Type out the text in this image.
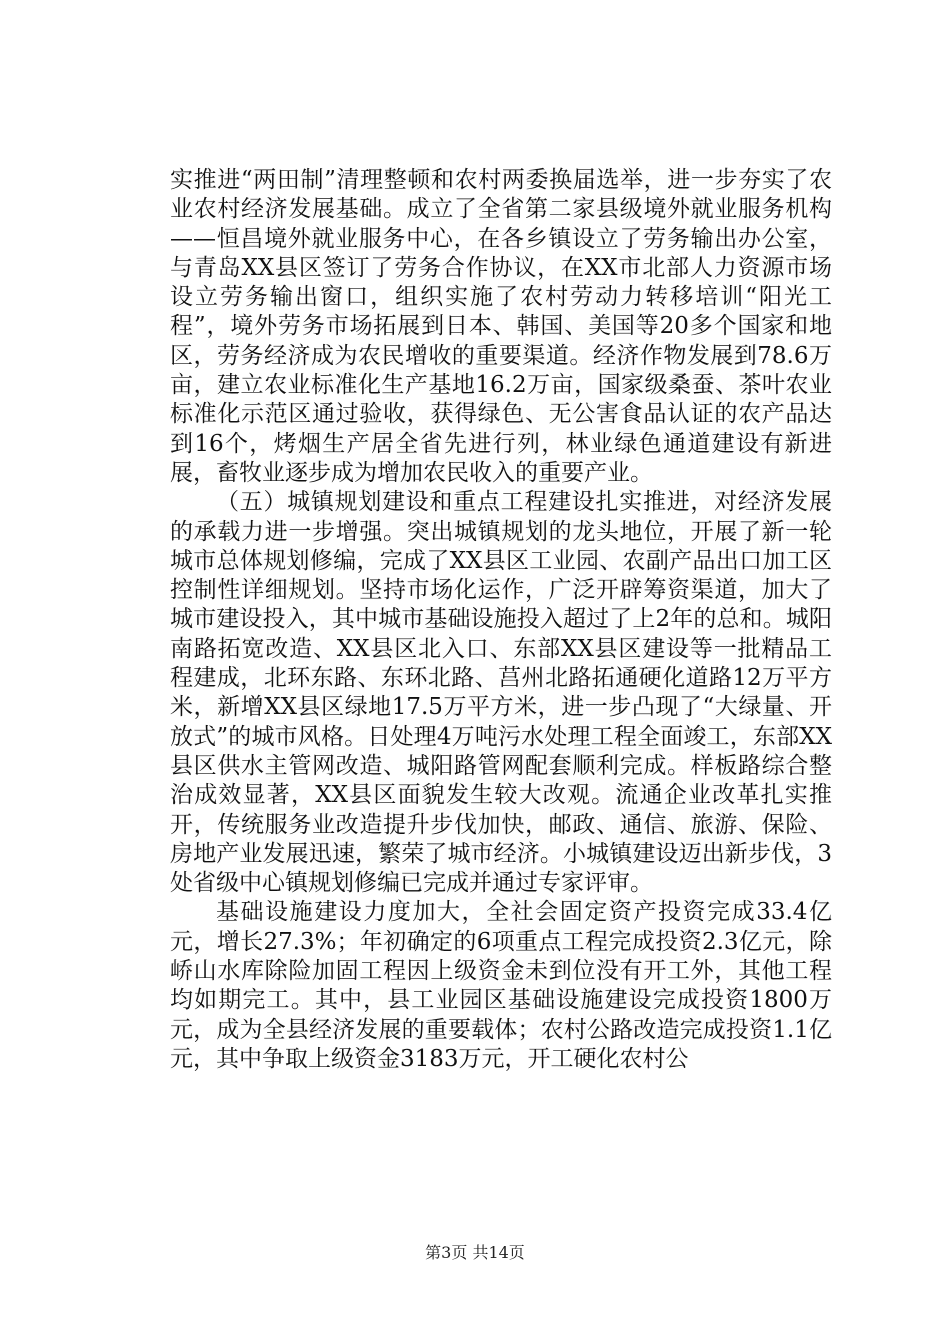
实推进“两田制”清理整顿和农村两委换届选举，进一步夯实了农业农村经济发展基础。成立了全省第二家县级境外就业服务机构——恒昌境外就业服务中心，在各乡镇设立了劳务输出办公室，与青岛XX县区签订了劳务合作协议，在XX市北部人力资源市场设立劳务输出窗口，组织实施了农村劳动力转移培训“阳光工程”，境外劳务市场拓展到日本、韩国、美国等20多个国家和地区，劳务经济成为农民增收的重要渠道。经济作物发展到78.6万亩，建立农业标准化生产基地16.2万亩，国家级桑蚕、茶叶农业标准化示范区通过验收，获得绿色、无公害食品认证的农产品达到16个，烤烟生产居全省先进行列，林业绿色通道建设有新进展，畜牧业逐步成为增加农民收入的重要产业。

（五）城镇规划建设和重点工程建设扎实推进，对经济发展的承载力进一步增强。突出城镇规划的龙头地位，开展了新一轮城市总体规划修编，完成了XX县区工业园、农副产品出口加工区控制性详细规划。坚持市场化运作，广泛开辟筹资渠道，加大了城市建设投入，其中城市基础设施投入超过了上2年的总和。城阳南路拓宽改造、XX县区北入口、东部XX县区建设等一批精品工程建成，北环东路、东环北路、莒州北路拓通硬化道路12万平方米，新增XX县区绿地17.5万平方米，进一步凸现了“大绿量、开放式”的城市风格。日处理4万吨污水处理工程全面竣工，东部XX县区供水主管网改造、城阳路管网配套顺利完成。样板路综合整治成效显著，XX县区面貌发生较大改观。流通企业改革扎实推开，传统服务业改造提升步伐加快，邮政、通信、旅游、保险、房地产业发展迅速，繁荣了城市经济。小城镇建设迈出新步伐，3处省级中心镇规划修编已完成并通过专家评审。

基础设施建设力度加大，全社会固定资产投资完成33.4亿元，增长27.3%；年初确定的6项重点工程完成投资2.3亿元，除峤山水库除险加固工程因上级资金未到位没有开工外，其他工程均如期完工。其中，县工业园区基础设施建设完成投资1800万元，成为全县经济发展的重要载体；农村公路改造完成投资1.1亿元，其中争取上级资金3183万元，开工硬化农村公

第3页 共14页
